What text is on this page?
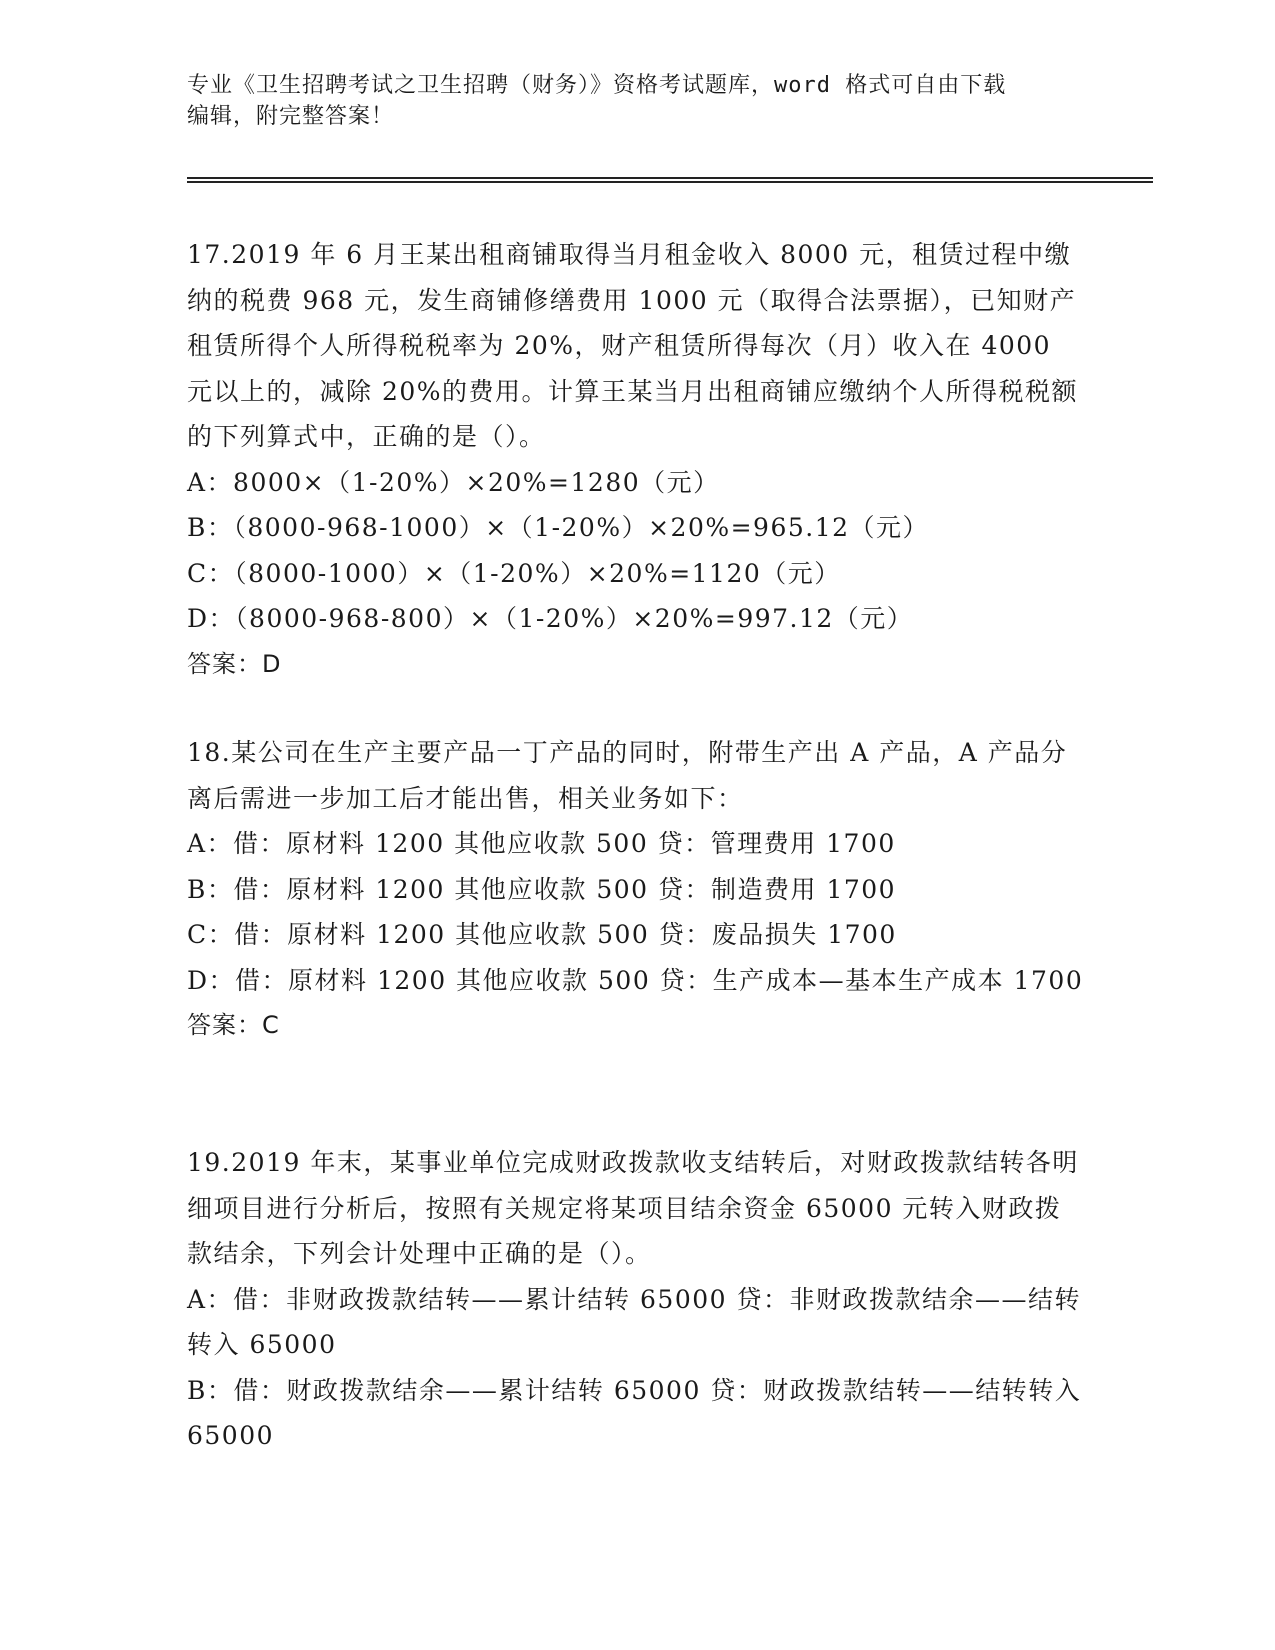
专业《卫生招聘考试之卫生招聘（财务）》资格考试题库，word 格式可自由下载
编辑，附完整答案！

17.2019 年 6 月王某出租商铺取得当月租金收入 8000 元，租赁过程中缴纳的税费 968 元，发生商铺修缮费用 1000 元（取得合法票据），已知财产租赁所得个人所得税税率为 20%，财产租赁所得每次（月）收入在 4000 元以上的，减除 20%的费用。计算王某当月出租商铺应缴纳个人所得税税额的下列算式中，正确的是（）。

A：8000×（1-20%）×20%=1280（元）

B：（8000-968-1000）×（1-20%）×20%=965.12（元）

C：（8000-1000）×（1-20%）×20%=1120（元）

D：（8000-968-800）×（1-20%）×20%=997.12（元）

答案：D

18.某公司在生产主要产品一丁产品的同时，附带生产出 A 产品，A 产品分离后需进一步加工后才能出售，相关业务如下：

A：借：原材料 1200 其他应收款 500 贷：管理费用 1700

B：借：原材料 1200 其他应收款 500 贷：制造费用 1700

C：借：原材料 1200 其他应收款 500 贷：废品损失 1700

D：借：原材料 1200 其他应收款 500 贷：生产成本—基本生产成本 1700

答案：C

19.2019 年末，某事业单位完成财政拨款收支结转后，对财政拨款结转各明细项目进行分析后，按照有关规定将某项目结余资金 65000 元转入财政拨款结余，下列会计处理中正确的是（）。

A：借：非财政拨款结转——累计结转 65000 贷：非财政拨款结余——结转转入 65000

B：借：财政拨款结余——累计结转 65000 贷：财政拨款结转——结转转入 65000
